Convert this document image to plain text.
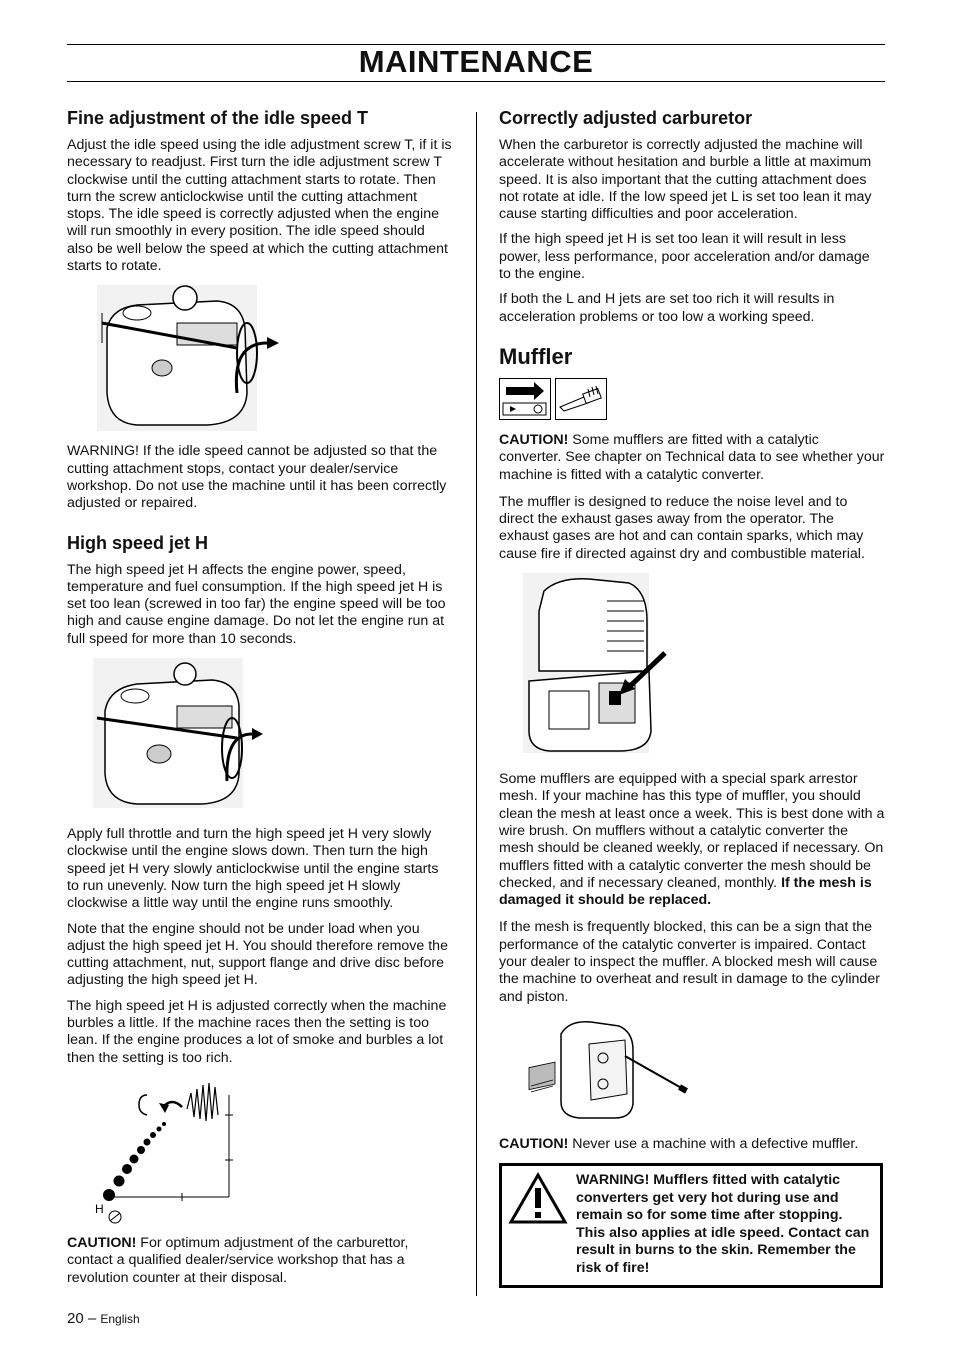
MAINTENANCE
Fine adjustment of the idle speed T

Adjust the idle speed using the idle adjustment screw T, if it is necessary to readjust. First turn the idle adjustment screw T clockwise until the cutting attachment starts to rotate. Then turn the screw anticlockwise until the cutting attachment stops. The idle speed is correctly adjusted when the engine will run smoothly in every position. The idle speed should also be well below the speed at which the cutting attachment starts to rotate.

WARNING! If the idle speed cannot be adjusted so that the cutting attachment stops, contact your dealer/service workshop. Do not use the machine until it has been correctly adjusted or repaired.

High speed jet H

The high speed jet H affects the engine power, speed, temperature and fuel consumption. If the high speed jet H is set too lean (screwed in too far) the engine speed will be too high and cause engine damage. Do not let the engine run at full speed for more than 10 seconds.

Apply full throttle and turn the high speed jet H very slowly clockwise until the engine slows down. Then turn the high speed jet H very slowly anticlockwise until the engine starts to run unevenly. Now turn the high speed jet H slowly clockwise a little way until the engine runs smoothly.

Note that the engine should not be under load when you adjust the high speed jet H. You should therefore remove the cutting attachment, nut, support flange and drive disc before adjusting the high speed jet H.

The high speed jet H is adjusted correctly when the machine burbles a little. If the machine races then the setting is too lean. If the engine produces a lot of smoke and burbles a lot then the setting is too rich.

H

CAUTION! For optimum adjustment of the carburettor, contact a qualified dealer/service workshop that has a revolution counter at their disposal.

Correctly adjusted carburetor

When the carburetor is correctly adjusted the machine will accelerate without hesitation and burble a little at maximum speed. It is also important that the cutting attachment does not rotate at idle. If the low speed jet L is set too lean it may cause starting difficulties and poor acceleration.

If the high speed jet H is set too lean it will result in less power, less performance, poor acceleration and/or damage to the engine.

If both the L and H jets are set too rich it will results in acceleration problems or too low a working speed.

Muffler

CAUTION! Some mufflers are fitted with a catalytic converter. See chapter on Technical data to see whether your machine is fitted with a catalytic converter.

The muffler is designed to reduce the noise level and to direct the exhaust gases away from the operator. The exhaust gases are hot and can contain sparks, which may cause fire if directed against dry and combustible material.

Some mufflers are equipped with a special spark arrestor mesh. If your machine has this type of muffler, you should clean the mesh at least once a week. This is best done with a wire brush. On mufflers without a catalytic converter the mesh should be cleaned weekly, or replaced if necessary. On mufflers fitted with a catalytic converter the mesh should be checked, and if necessary cleaned, monthly. If the mesh is damaged it should be replaced.

If the mesh is frequently blocked, this can be a sign that the performance of the catalytic converter is impaired. Contact your dealer to inspect the muffler. A blocked mesh will cause the machine to overheat and result in damage to the cylinder and piston.

CAUTION! Never use a machine with a defective muffler.

WARNING! Mufflers fitted with catalytic converters get very hot during use and remain so for some time after stopping. This also applies at idle speed. Contact can result in burns to the skin. Remember the risk of fire!
20 – English
